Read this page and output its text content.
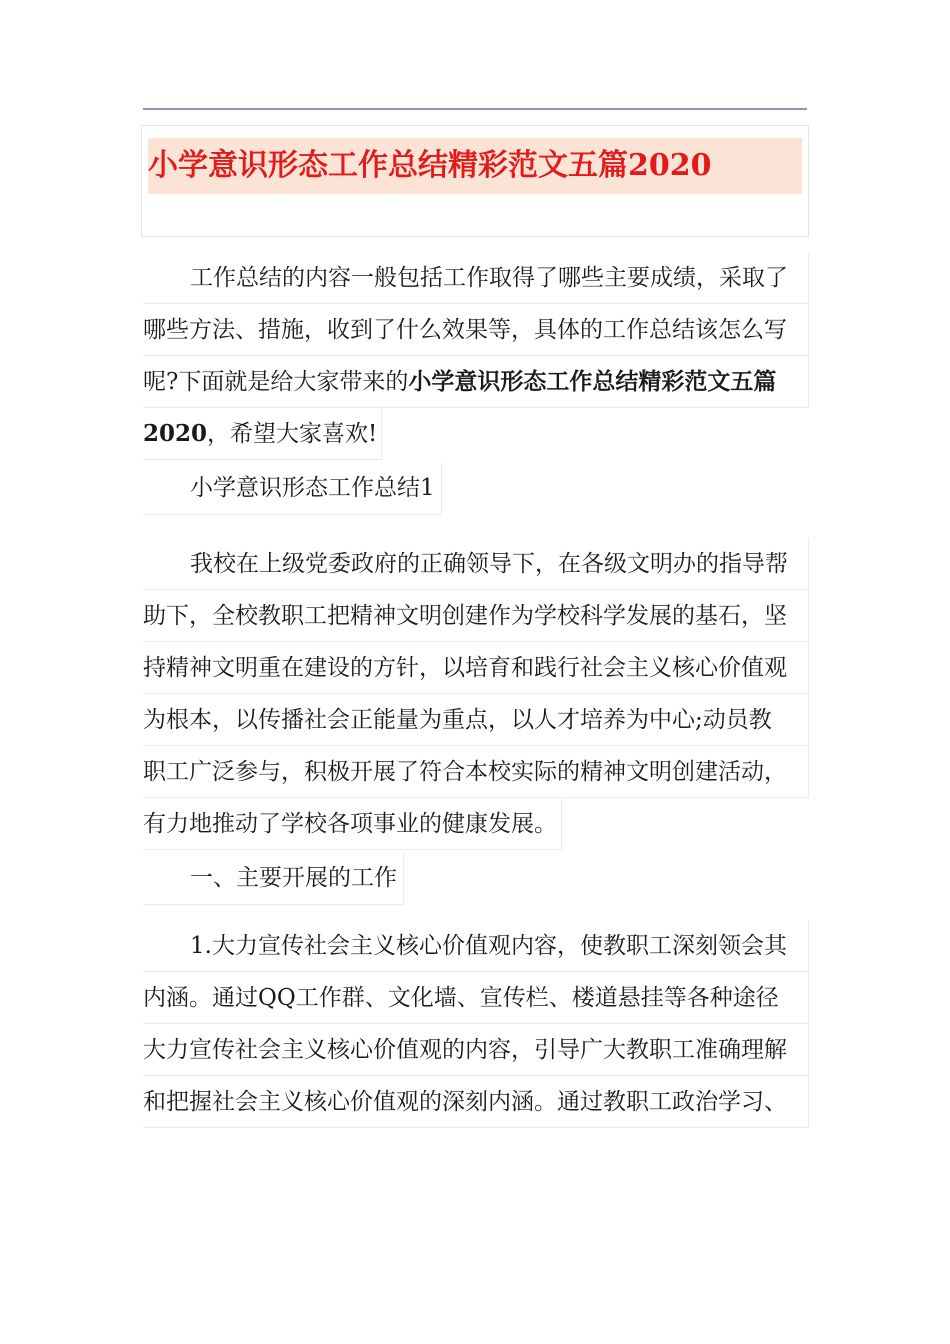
小学意识形态工作总结精彩范文五篇2020
工作总结的内容一般包括工作取得了哪些主要成绩，采取了
哪些方法、措施，收到了什么效果等，具体的工作总结该怎么写
呢?下面就是给大家带来的小学意识形态工作总结精彩范文五篇
2020，希望大家喜欢!
小学意识形态工作总结1
我校在上级党委政府的正确领导下，在各级文明办的指导帮
助下，全校教职工把精神文明创建作为学校科学发展的基石，坚
持精神文明重在建设的方针，以培育和践行社会主义核心价值观
为根本，以传播社会正能量为重点，以人才培养为中心;动员教
职工广泛参与，积极开展了符合本校实际的精神文明创建活动，
有力地推动了学校各项事业的健康发展。
一、主要开展的工作
1.大力宣传社会主义核心价值观内容，使教职工深刻领会其
内涵。通过QQ工作群、文化墙、宣传栏、楼道悬挂等各种途径
大力宣传社会主义核心价值观的内容，引导广大教职工准确理解
和把握社会主义核心价值观的深刻内涵。通过教职工政治学习、
